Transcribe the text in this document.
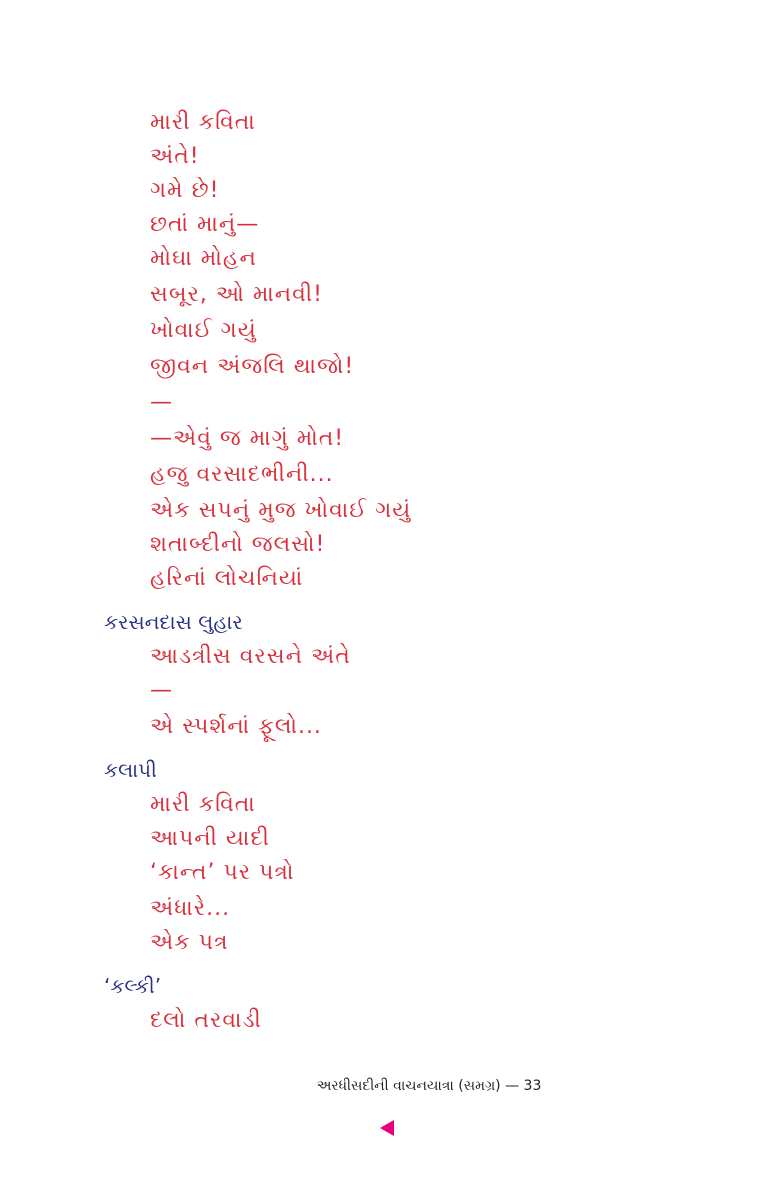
મારી કવિતા
અંતે!
ગમે છે!
છતાં માનું—
મોઘા મોહન
સબૂર, ઓ માનવી!
ખોવાઈ ગયું
જીવન અંજલિ થાજો!
—
—એવું જ માગું મોત!
હજુ વરસાદભીની...
એક સપનું મુજ ખોવાઈ ગયું
શતાબ્દીનો જલસો!
હરિનાં લોચનિયાં
કરસનદાસ લુહાર
આડત્રીસ વરસને અંતે
—
એ સ્પર્શનાં ફૂલો...
કલાપી
મારી કવિતા
આપની યાદી
‘કાન્ત’ પર પત્રો
અંધારે...
એક પત્ર
‘કલ્કી’
દલો તરવાડી
અરધીસદીની વાચનયાત્રા (સમગ્ર) — 33
